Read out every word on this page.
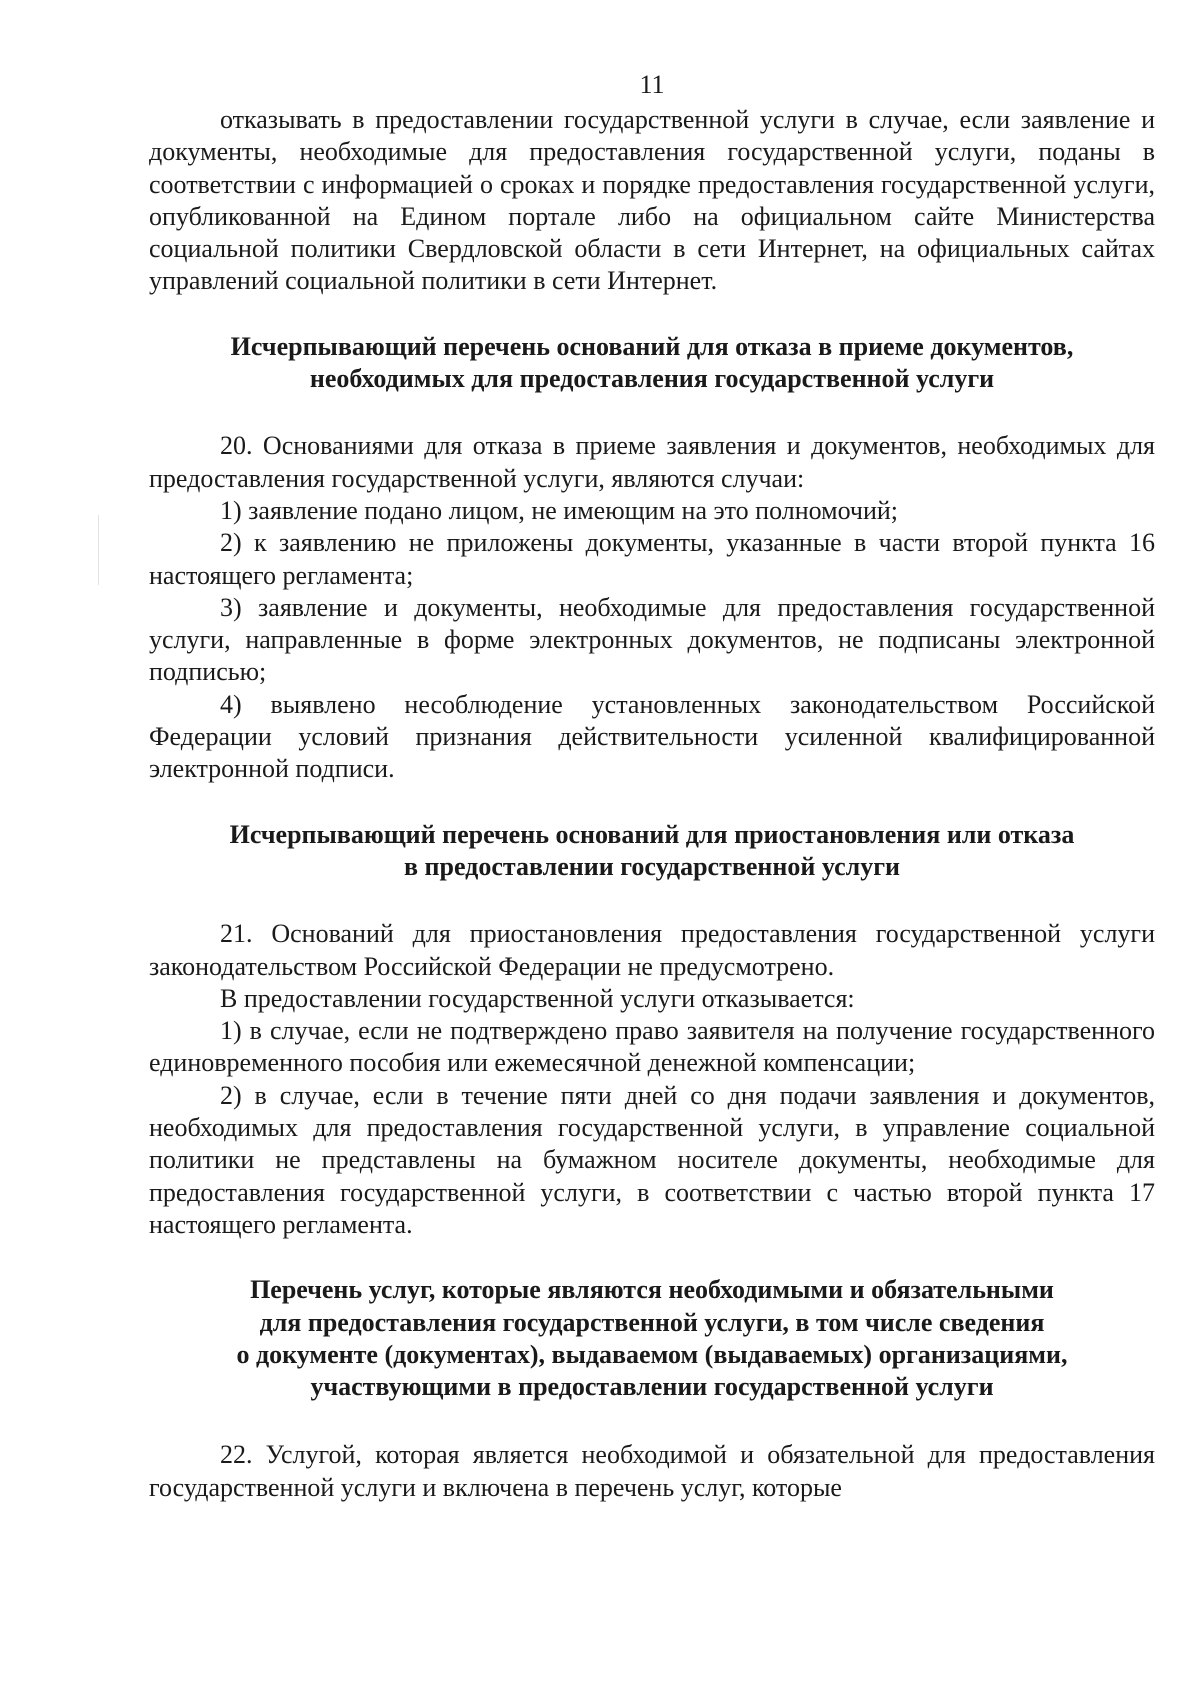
11

отказывать в предоставлении государственной услуги в случае, если заявление и документы, необходимые для предоставления государственной услуги, поданы в соответствии с информацией о сроках и порядке предоставления государственной услуги, опубликованной на Едином портале либо на официальном сайте Министерства социальной политики Свердловской области в сети Интернет, на официальных сайтах управлений социальной политики в сети Интернет.

Исчерпывающий перечень оснований для отказа в приеме документов,
необходимых для предоставления государственной услуги

20. Основаниями для отказа в приеме заявления и документов, необходимых для предоставления государственной услуги, являются случаи:

1) заявление подано лицом, не имеющим на это полномочий;

2) к заявлению не приложены документы, указанные в части второй пункта 16 настоящего регламента;

3) заявление и документы, необходимые для предоставления государственной услуги, направленные в форме электронных документов, не подписаны электронной подписью;

4) выявлено несоблюдение установленных законодательством Российской Федерации условий признания действительности усиленной квалифицированной электронной подписи.

Исчерпывающий перечень оснований для приостановления или отказа
в предоставлении государственной услуги

21. Оснований для приостановления предоставления государственной услуги законодательством Российской Федерации не предусмотрено.

В предоставлении государственной услуги отказывается:

1) в случае, если не подтверждено право заявителя на получение государственного единовременного пособия или ежемесячной денежной компенсации;

2) в случае, если в течение пяти дней со дня подачи заявления и документов, необходимых для предоставления государственной услуги, в управление социальной политики не представлены на бумажном носителе документы, необходимые для предоставления государственной услуги, в соответствии с частью второй пункта 17 настоящего регламента.

Перечень услуг, которые являются необходимыми и обязательными
для предоставления государственной услуги, в том числе сведения
о документе (документах), выдаваемом (выдаваемых) организациями,
участвующими в предоставлении государственной услуги

22. Услугой, которая является необходимой и обязательной для предоставления государственной услуги и включена в перечень услуг, которые
